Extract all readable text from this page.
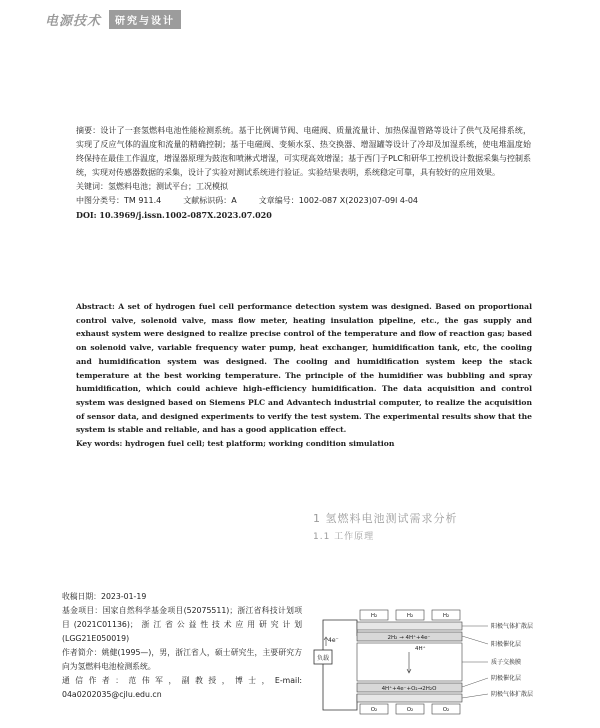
电源技术	研究与设计

摘要：设计了一套氢燃料电池性能检测系统。基于比例调节阀、电磁阀、质量流量计、加热保温管路等设计了供气及尾排系统，实现了反应气体的温度和流量的精确控制；基于电磁阀、变频水泵、热交换器、增湿罐等设计了冷却及加湿系统，使电堆温度始终保持在最佳工作温度，增湿器原理为鼓泡和喷淋式增湿，可实现高效增湿；基于西门子PLC和研华工控机设计数据采集与控制系统，实现对传感器数据的采集，设计了实验对测试系统进行验证。实验结果表明，系统稳定可靠，具有较好的应用效果。

关键词：氢燃料电池；测试平台；工况模拟

中图分类号：TM 911.4	文献标识码：A	文章编号：1002-087 X(2023)07-09l 4-04

DOI: 10.3969/j.issn.1002-087X.2023.07.020

Abstract: A set of hydrogen fuel cell performance detection system was designed. Based on proportional control valve, solenoid valve, mass flow meter, heating insulation pipeline, etc., the gas supply and exhaust system were designed to realize precise control of the temperature and flow of reaction gas; based on solenoid valve, variable frequency water pump, heat exchanger, humidification tank, etc, the cooling and humidification system was designed. The cooling and humidification system keep the stack temperature at the best working temperature. The principle of the humidifier was bubbling and spray humidification, which could achieve high-efficiency humidification. The data acquisition and control system was designed based on Siemens PLC and Advantech industrial computer, to realize the acquisition of sensor data, and designed experiments to verify the test system. The experimental results show that the system is stable and reliable, and has a good application effect.

Key words: hydrogen fuel cell; test platform; working condition simulation

1 氢燃料电池测试需求分析
1.1 工作原理

收稿日期：2023-01-19

基金项目：国家自然科学基金项目(52075511)；浙江省科技计划项目(2021C01136)；浙江省公益性技术应用研究计划(LGG21E050019)

作者简介：姚健(1995—)，男，浙江省人，硕士研究生，主要研究方向为氢燃料电池检测系统。

通信作者：范伟军，副教授，博士，E-mail: 04a0202035@cjlu.edu.cn

负载
4e⁻	2H₂ → 4H⁺+4e⁻
4H⁺
4H⁺+4e⁻+O₂→2H₂O
H₂	H₂	H₂
O₂	O₂	O₂
阳极气体扩散层
阳极催化层
质子交换膜
阴极催化层
阴极气体扩散层
